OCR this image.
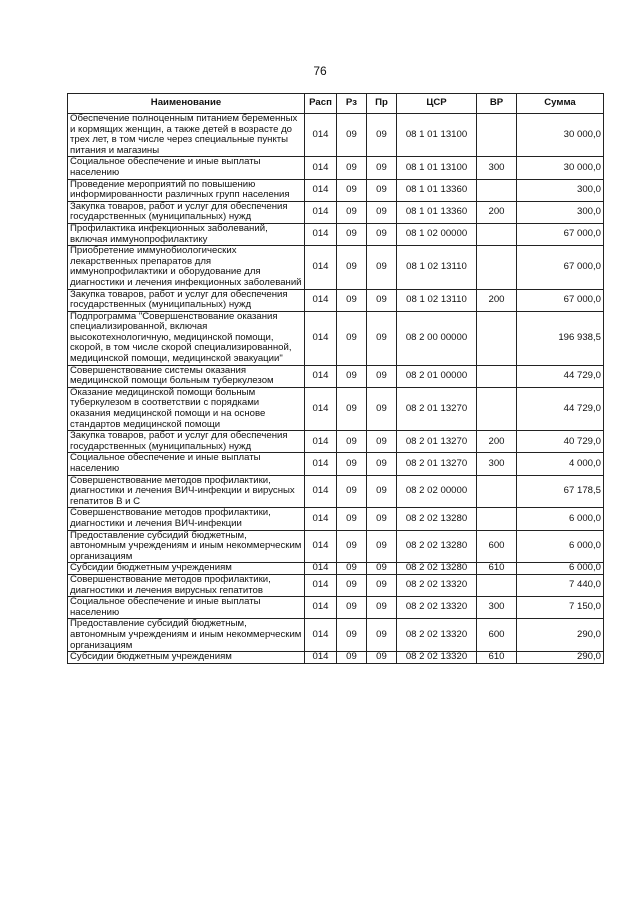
76
Наименование	Расп	Рз	Пр	ЦСР	ВР	Сумма
Обеспечение полноценным питанием беременных и кормящих женщин, а также детей в возрасте до трех лет, в том числе через специальные пункты питания и магазины	014	09	09	08 1 01 13100		30 000,0
Социальное обеспечение и иные выплаты населению	014	09	09	08 1 01 13100	300	30 000,0
Проведение мероприятий по повышению информированности различных групп населения	014	09	09	08 1 01 13360		300,0
Закупка товаров, работ и услуг для обеспечения государственных (муниципальных) нужд	014	09	09	08 1 01 13360	200	300,0
Профилактика инфекционных заболеваний, включая иммунопрофилактику	014	09	09	08 1 02 00000		67 000,0
Приобретение иммунобиологических лекарственных препаратов для иммунопрофилактики и оборудование для диагностики и лечения инфекционных заболеваний	014	09	09	08 1 02 13110		67 000,0
Закупка товаров, работ и услуг для обеспечения государственных (муниципальных) нужд	014	09	09	08 1 02 13110	200	67 000,0
Подпрограмма "Совершенствование оказания специализированной, включая высокотехнологичную, медицинской помощи, скорой, в том числе скорой специализированной, медицинской помощи, медицинской эвакуации"	014	09	09	08 2 00 00000		196 938,5
Совершенствование системы оказания медицинской помощи больным туберкулезом	014	09	09	08 2 01 00000		44 729,0
Оказание медицинской помощи больным туберкулезом в соответствии с порядками оказания медицинской помощи и на основе стандартов медицинской помощи	014	09	09	08 2 01 13270		44 729,0
Закупка товаров, работ и услуг для обеспечения государственных (муниципальных) нужд	014	09	09	08 2 01 13270	200	40 729,0
Социальное обеспечение и иные выплаты населению	014	09	09	08 2 01 13270	300	4 000,0
Совершенствование методов профилактики, диагностики и лечения ВИЧ-инфекции и вирусных гепатитов В и С	014	09	09	08 2 02 00000		67 178,5
Совершенствование методов профилактики, диагностики и лечения ВИЧ-инфекции	014	09	09	08 2 02 13280		6 000,0
Предоставление субсидий бюджетным, автономным учреждениям и иным некоммерческим организациям	014	09	09	08 2 02 13280	600	6 000,0
Субсидии бюджетным учреждениям	014	09	09	08 2 02 13280	610	6 000,0
Совершенствование методов профилактики, диагностики и лечения вирусных гепатитов	014	09	09	08 2 02 13320		7 440,0
Социальное обеспечение и иные выплаты населению	014	09	09	08 2 02 13320	300	7 150,0
Предоставление субсидий бюджетным, автономным учреждениям и иным некоммерческим организациям	014	09	09	08 2 02 13320	600	290,0
Субсидии бюджетным учреждениям	014	09	09	08 2 02 13320	610	290,0
